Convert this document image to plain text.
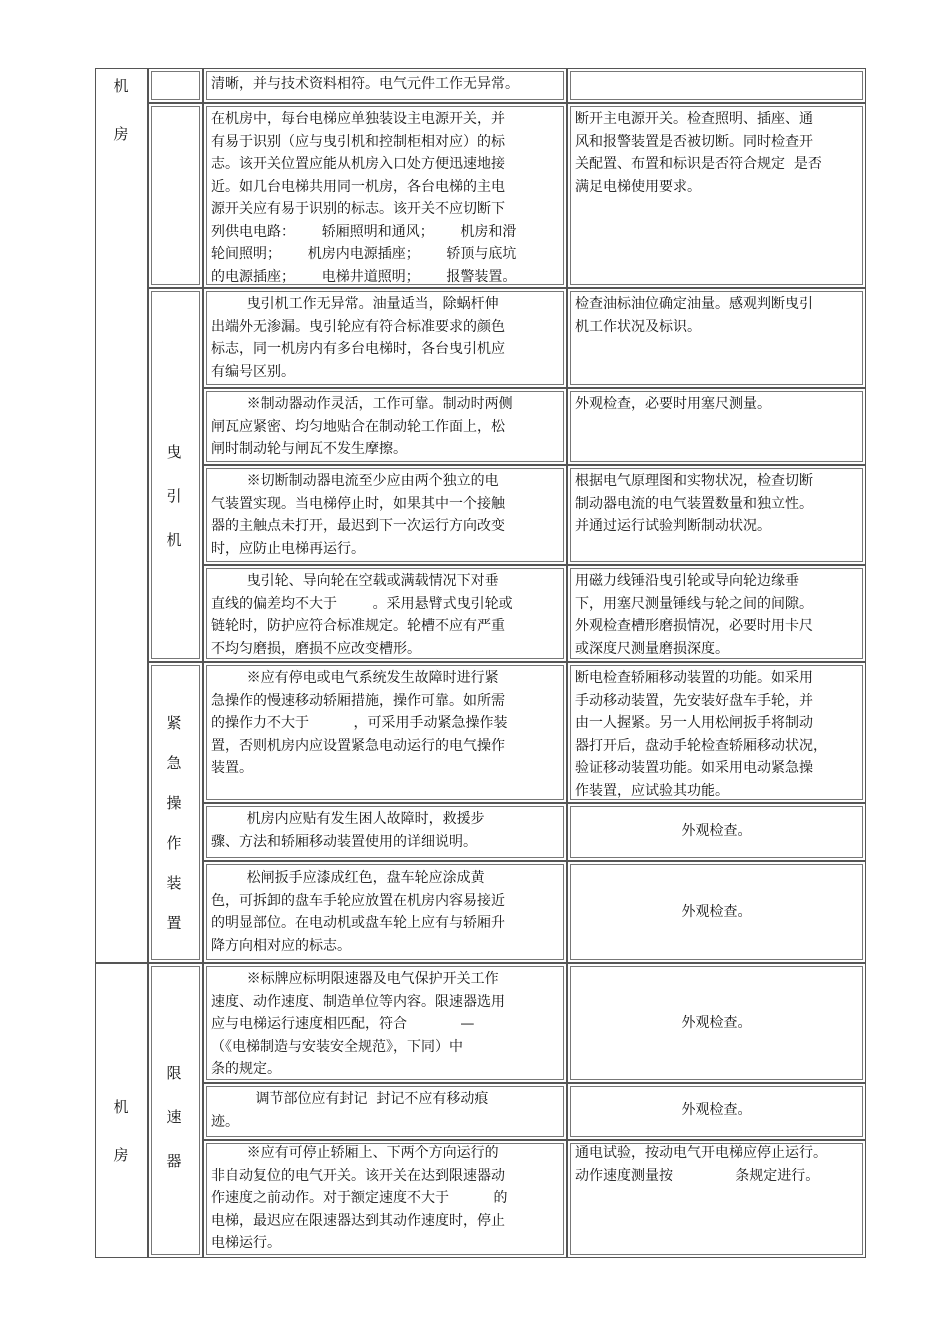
机

房
机

房
曳

引

机
紧

急

操

作

装

置
限

速

器
清晰，并与技术资料相符。电气元件工作无异常。
在机房中，每台电梯应单独装设主电源开关，并
有易于识别（应与曳引机和控制柜相对应）的标
志。该开关位置应能从机房入口处方便迅速地接
近。如几台电梯共用同一机房，各台电梯的主电
源开关应有易于识别的标志。该开关不应切断下
列供电电路：      轿厢照明和通风；      机房和滑
轮间照明；      机房内电源插座；      轿顶与底坑
的电源插座；      电梯井道照明；      报警装置。
断开主电源开关。检查照明、插座、通
风和报警装置是否被切断。同时检查开
关配置、布置和标识是否符合规定  是否
满足电梯使用要求。
曳引机工作无异常。油量适当，除蜗杆伸
出端外无渗漏。曳引轮应有符合标准要求的颜色
标志，同一机房内有多台电梯时，各台曳引机应
有编号区别。
检查油标油位确定油量。感观判断曳引
机工作状况及标识。
※制动器动作灵活，工作可靠。制动时两侧
闸瓦应紧密、均匀地贴合在制动轮工作面上，松
闸时制动轮与闸瓦不发生摩擦。
外观检查，必要时用塞尺测量。
※切断制动器电流至少应由两个独立的电
气装置实现。当电梯停止时，如果其中一个接触
器的主触点未打开，最迟到下一次运行方向改变
时，应防止电梯再运行。
根据电气原理图和实物状况，检查切断
制动器电流的电气装置数量和独立性。
并通过运行试验判断制动状况。
曳引轮、导向轮在空载或满载情况下对垂
直线的偏差均不大于        。采用悬臂式曳引轮或
链轮时，防护应符合标准规定。轮槽不应有严重
不均匀磨损，磨损不应改变槽形。
用磁力线锤沿曳引轮或导向轮边缘垂
下，用塞尺测量锤线与轮之间的间隙。
外观检查槽形磨损情况，必要时用卡尺
或深度尺测量磨损深度。
※应有停电或电气系统发生故障时进行紧
急操作的慢速移动轿厢措施，操作可靠。如所需
的操作力不大于          ，可采用手动紧急操作装
置，否则机房内应设置紧急电动运行的电气操作
装置。
断电检查轿厢移动装置的功能。如采用
手动移动装置，先安装好盘车手轮，并
由一人握紧。另一人用松闸扳手将制动
器打开后，盘动手轮检查轿厢移动状况，
验证移动装置功能。如采用电动紧急操
作装置，应试验其功能。
机房内应贴有发生困人故障时，救援步
骤、方法和轿厢移动装置使用的详细说明。
外观检查。
松闸扳手应漆成红色，盘车轮应涂成黄
色，可拆卸的盘车手轮应放置在机房内容易接近
的明显部位。在电动机或盘车轮上应有与轿厢升
降方向相对应的标志。
外观检查。
※标牌应标明限速器及电气保护开关工作
速度、动作速度、制造单位等内容。限速器选用
应与电梯运行速度相匹配，符合            —
（《电梯制造与安装安全规范》，下同）中
条的规定。
外观检查。
调节部位应有封记  封记不应有移动痕
迹。
外观检查。
※应有可停止轿厢上、下两个方向运行的
非自动复位的电气开关。该开关在达到限速器动
作速度之前动作。对于额定速度不大于          的
电梯，最迟应在限速器达到其动作速度时，停止
电梯运行。
通电试验，按动电气开电梯应停止运行。
动作速度测量按              条规定进行。
